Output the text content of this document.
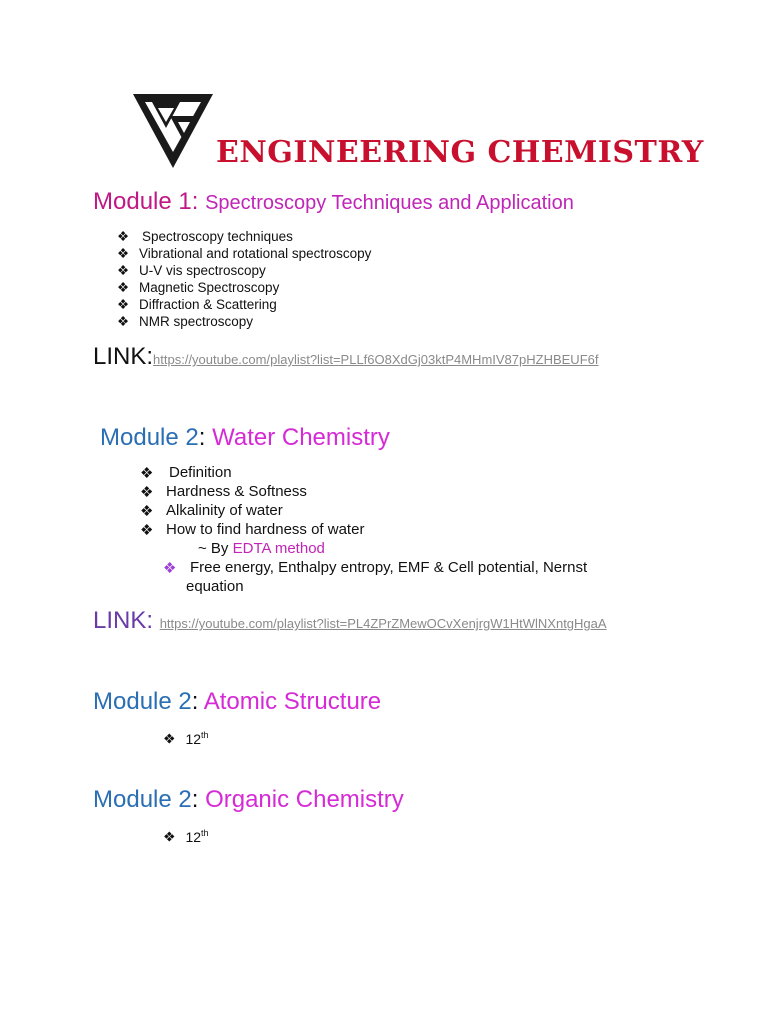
ENGINEERING CHEMISTRY
Module 1: Spectroscopy Techniques and Application
❖ Spectroscopy techniques
❖ Vibrational and rotational spectroscopy
❖ U-V vis spectroscopy
❖ Magnetic Spectroscopy
❖ Diffraction & Scattering
❖ NMR spectroscopy
LINK:https://youtube.com/playlist?list=PLLf6O8XdGj03ktP4MHmIV87pHZHBEUF6f
Module 2: Water Chemistry
❖ Definition
❖ Hardness & Softness
❖ Alkalinity of water
❖ How to find hardness of water
~ By EDTA method
❖ Free energy, Enthalpy entropy, EMF & Cell potential, Nernst
equation
LINK: https://youtube.com/playlist?list=PL4ZPrZMewOCvXenjrgW1HtWlNXntgHgaA
Module 2: Atomic Structure
❖ 12th
Module 2: Organic Chemistry
❖ 12th
